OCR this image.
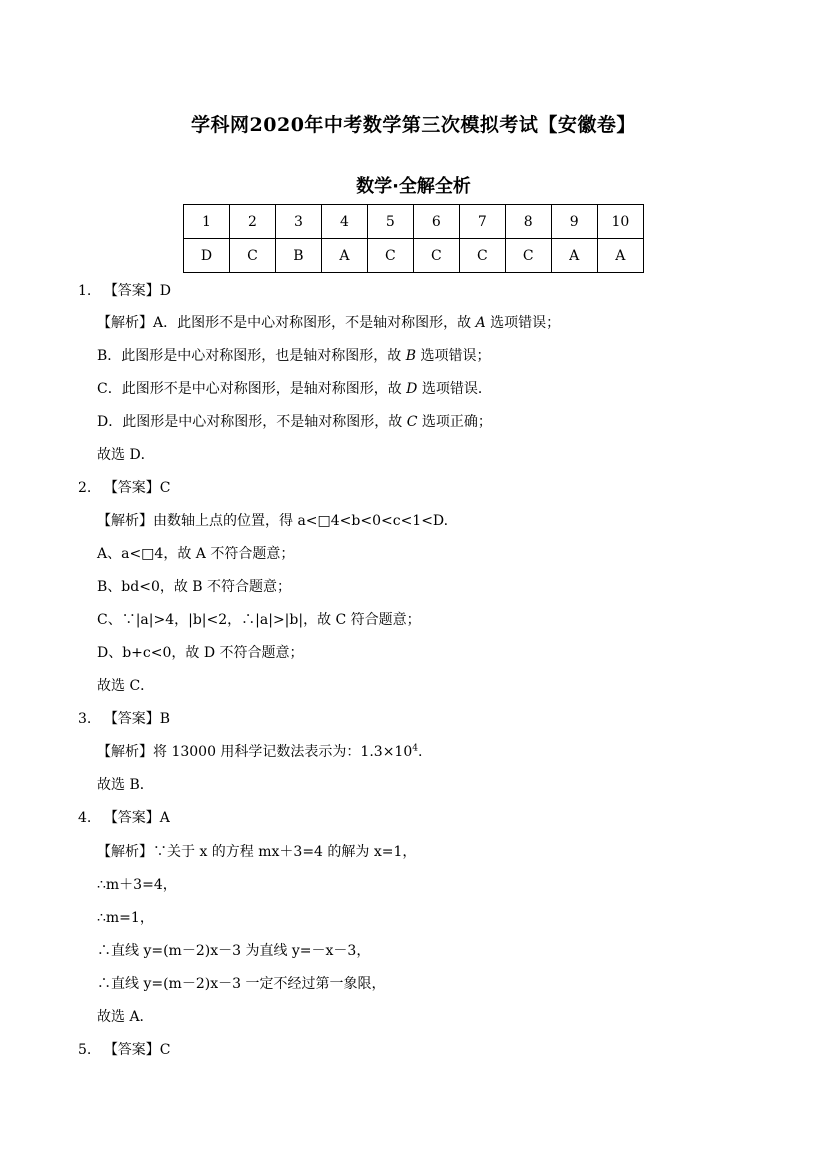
学科网2020年中考数学第三次模拟考试【安徽卷】
数学·全解全析
1	2	3	4	5	6	7	8	9	10
D	C	B	A	C	C	C	C	A	A
1. 【答案】D
【解析】A．此图形不是中心对称图形，不是轴对称图形，故 A 选项错误；
B．此图形是中心对称图形，也是轴对称图形，故 B 选项错误；
C．此图形不是中心对称图形，是轴对称图形，故 D 选项错误．
D．此图形是中心对称图形，不是轴对称图形，故 C 选项正确；
故选 D．
2. 【答案】C
【解析】由数轴上点的位置，得 a<□4<b<0<c<1<D.
A、a<□4，故 A 不符合题意；
B、bd<0，故 B 不符合题意；
C、∵|a|>4，|b|<2，∴|a|>|b|，故 C 符合题意；
D、b+c<0，故 D 不符合题意；
故选 C．
3. 【答案】B
【解析】将 13000 用科学记数法表示为：$1.3\times 10^4$.
故选 B．
4. 【答案】A
【解析】∵关于 x 的方程 mx＋3=4 的解为 x=1，
∴m＋3=4，
∴m=1，
∴直线 y=(m－2)x－3 为直线 y=－x－3，
∴直线 y=(m－2)x－3 一定不经过第一象限，
故选 A．
5. 【答案】C
